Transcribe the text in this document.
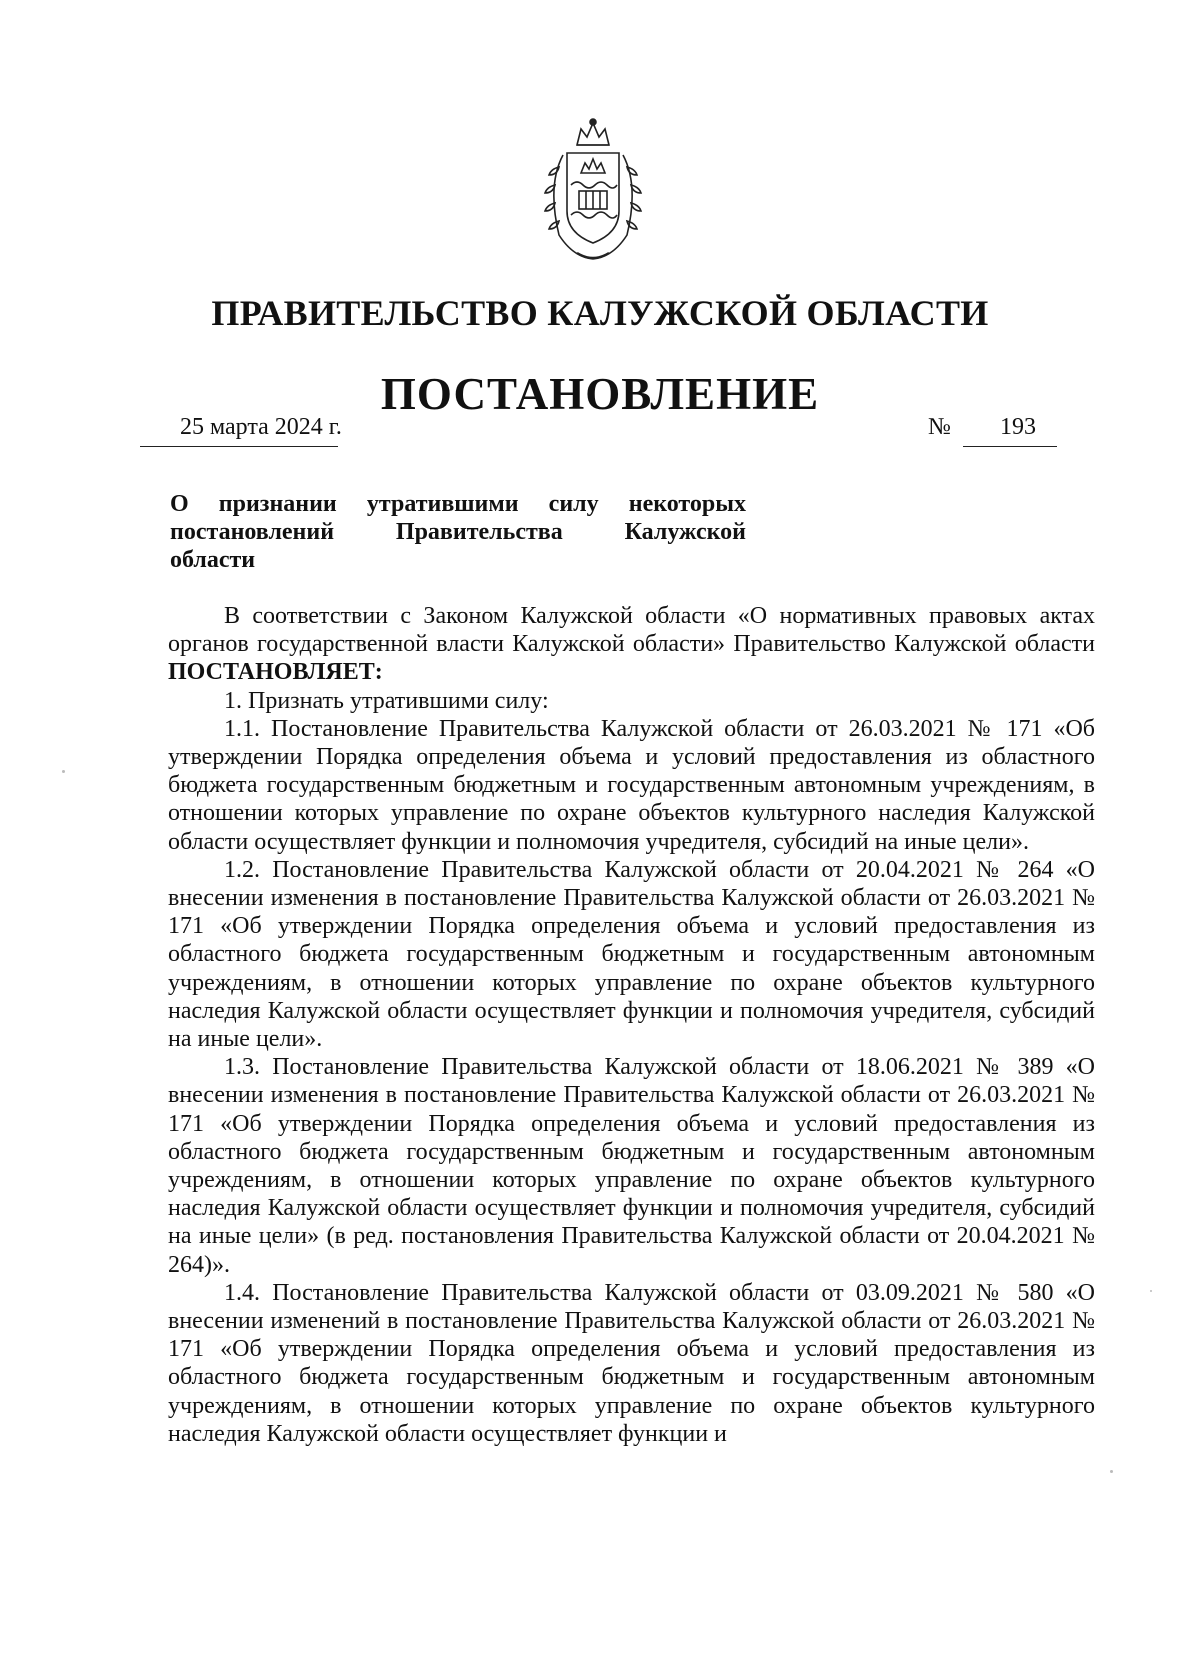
ПРАВИТЕЛЬСТВО КАЛУЖСКОЙ ОБЛАСТИ
ПОСТАНОВЛЕНИЕ
25 марта 2024 г.	№ 193
О признании утратившими силу некоторых
постановлений Правительства Калужской
области

В соответствии с Законом Калужской области «О нормативных правовых актах органов государственной власти Калужской области» Правительство Калужской области ПОСТАНОВЛЯЕТ:

1. Признать утратившими силу:

1.1. Постановление Правительства Калужской области от 26.03.2021 № 171 «Об утверждении Порядка определения объема и условий предоставления из областного бюджета государственным бюджетным и государственным автономным учреждениям, в отношении которых управление по охране объектов культурного наследия Калужской области осуществляет функции и полномочия учредителя, субсидий на иные цели».

1.2. Постановление Правительства Калужской области от 20.04.2021 № 264 «О внесении изменения в постановление Правительства Калужской области от 26.03.2021 № 171 «Об утверждении Порядка определения объема и условий предоставления из областного бюджета государственным бюджетным и государственным автономным учреждениям, в отношении которых управление по охране объектов культурного наследия Калужской области осуществляет функции и полномочия учредителя, субсидий на иные цели».

1.3. Постановление Правительства Калужской области от 18.06.2021 № 389 «О внесении изменения в постановление Правительства Калужской области от 26.03.2021 № 171 «Об утверждении Порядка определения объема и условий предоставления из областного бюджета государственным бюджетным и государственным автономным учреждениям, в отношении которых управление по охране объектов культурного наследия Калужской области осуществляет функции и полномочия учредителя, субсидий на иные цели» (в ред. постановления Правительства Калужской области от 20.04.2021 № 264)».

1.4. Постановление Правительства Калужской области от 03.09.2021 № 580 «О внесении изменений в постановление Правительства Калужской области от 26.03.2021 № 171 «Об утверждении Порядка определения объема и условий предоставления из областного бюджета государственным бюджетным и государственным автономным учреждениям, в отношении которых управление по охране объектов культурного наследия Калужской области осуществляет функции и
